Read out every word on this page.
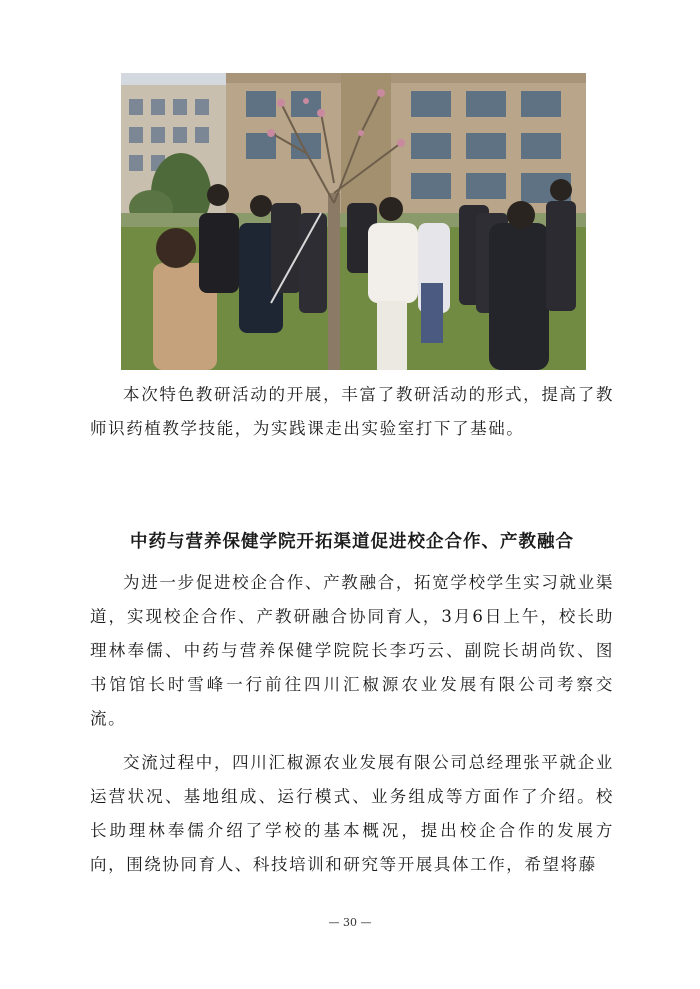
本次特色教研活动的开展，丰富了教研活动的形式，提高了教师识药植教学技能，为实践课走出实验室打下了基础。

中药与营养保健学院开拓渠道促进校企合作、产教融合

为进一步促进校企合作、产教融合，拓宽学校学生实习就业渠道，实现校企合作、产教研融合协同育人，3月6日上午，校长助理林奉儒、中药与营养保健学院院长李巧云、副院长胡尚钦、图书馆馆长时雪峰一行前往四川汇椒源农业发展有限公司考察交流。

交流过程中，四川汇椒源农业发展有限公司总经理张平就企业运营状况、基地组成、运行模式、业务组成等方面作了介绍。校长助理林奉儒介绍了学校的基本概况，提出校企合作的发展方向，围绕协同育人、科技培训和研究等开展具体工作，希望将藤

— 30 —
